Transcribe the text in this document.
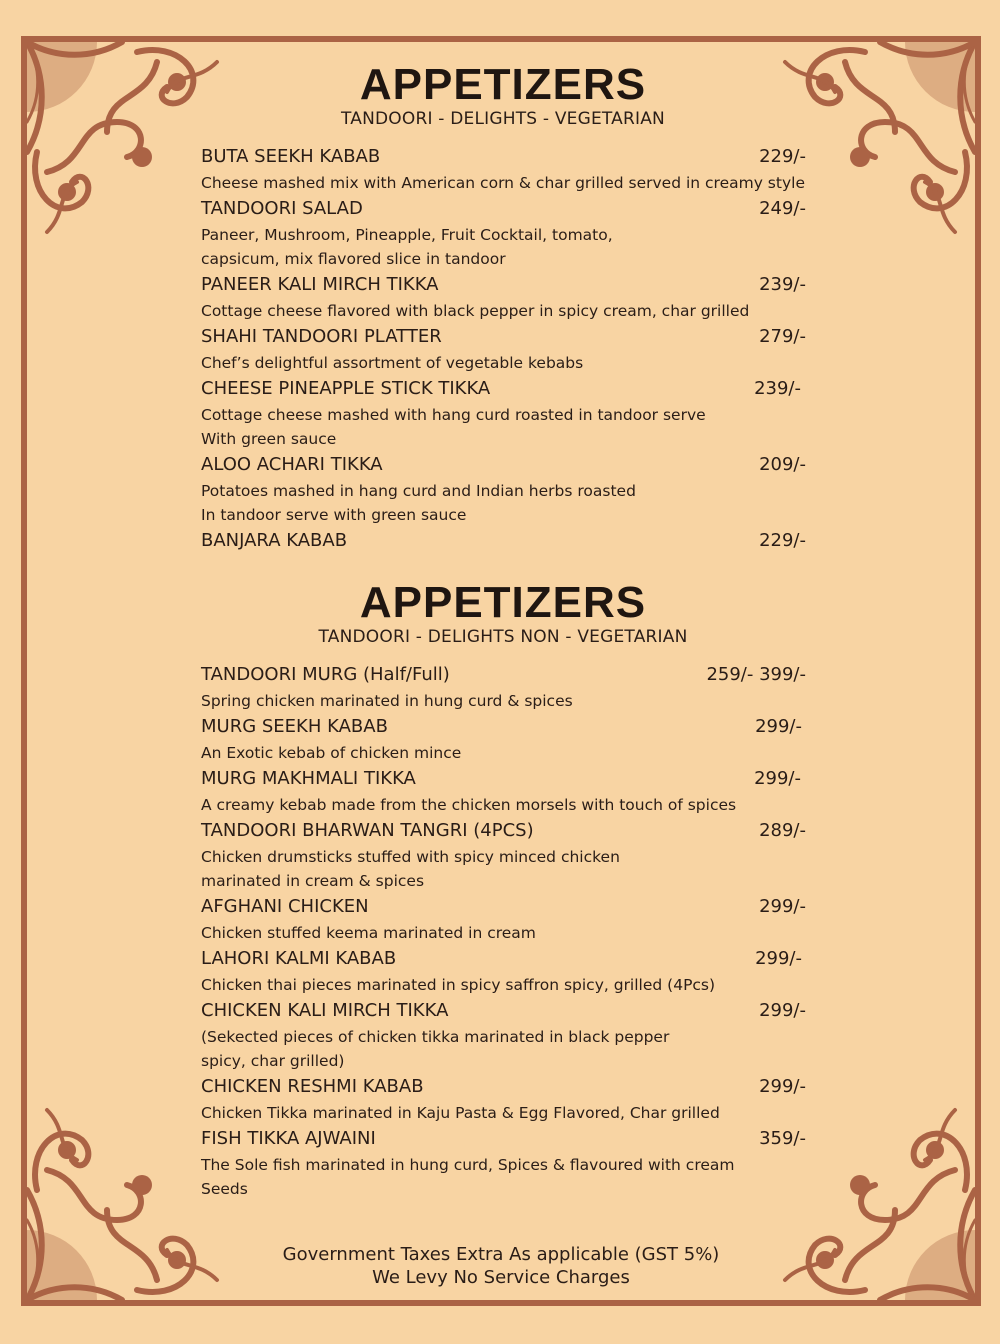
APPETIZERS
TANDOORI - DELIGHTS - VEGETARIAN
BUTA SEEKH KABAB	229/-
Cheese mashed mix with American corn & char grilled served in creamy style
TANDOORI SALAD	249/-
Paneer, Mushroom, Pineapple, Fruit Cocktail, tomato,
capsicum, mix flavored slice in tandoor
PANEER KALI MIRCH TIKKA	239/-
Cottage cheese flavored with black pepper in spicy cream, char grilled
SHAHI TANDOORI PLATTER	279/-
Chef’s delightful assortment of vegetable kebabs
CHEESE PINEAPPLE STICK TIKKA	239/-
Cottage cheese mashed with hang curd roasted in tandoor serve
With green sauce
ALOO ACHARI TIKKA	209/-
Potatoes mashed in hang curd and Indian herbs roasted
In tandoor serve with green sauce
BANJARA KABAB	229/-
APPETIZERS
TANDOORI - DELIGHTS NON - VEGETARIAN
TANDOORI MURG (Half/Full)	259/- 399/-
Spring chicken marinated in hung curd & spices
MURG SEEKH KABAB	299/-
An Exotic kebab of chicken mince
MURG MAKHMALI TIKKA	299/-
A creamy kebab made from the chicken morsels with touch of spices
TANDOORI BHARWAN TANGRI (4PCS)	289/-
Chicken drumsticks stuffed with spicy minced chicken
marinated in cream & spices
AFGHANI CHICKEN	299/-
Chicken stuffed keema marinated in cream
LAHORI KALMI KABAB	299/-
Chicken thai pieces marinated in spicy saffron spicy, grilled (4Pcs)
CHICKEN KALI MIRCH TIKKA	299/-
(Sekected pieces of chicken tikka marinated in black pepper
spicy, char grilled)
CHICKEN RESHMI KABAB	299/-
Chicken Tikka marinated in Kaju Pasta & Egg Flavored, Char grilled
FISH TIKKA AJWAINI	359/-
The Sole fish marinated in hung curd, Spices & flavoured with cream
Seeds
Government Taxes Extra As applicable (GST 5%)
We Levy No Service Charges
